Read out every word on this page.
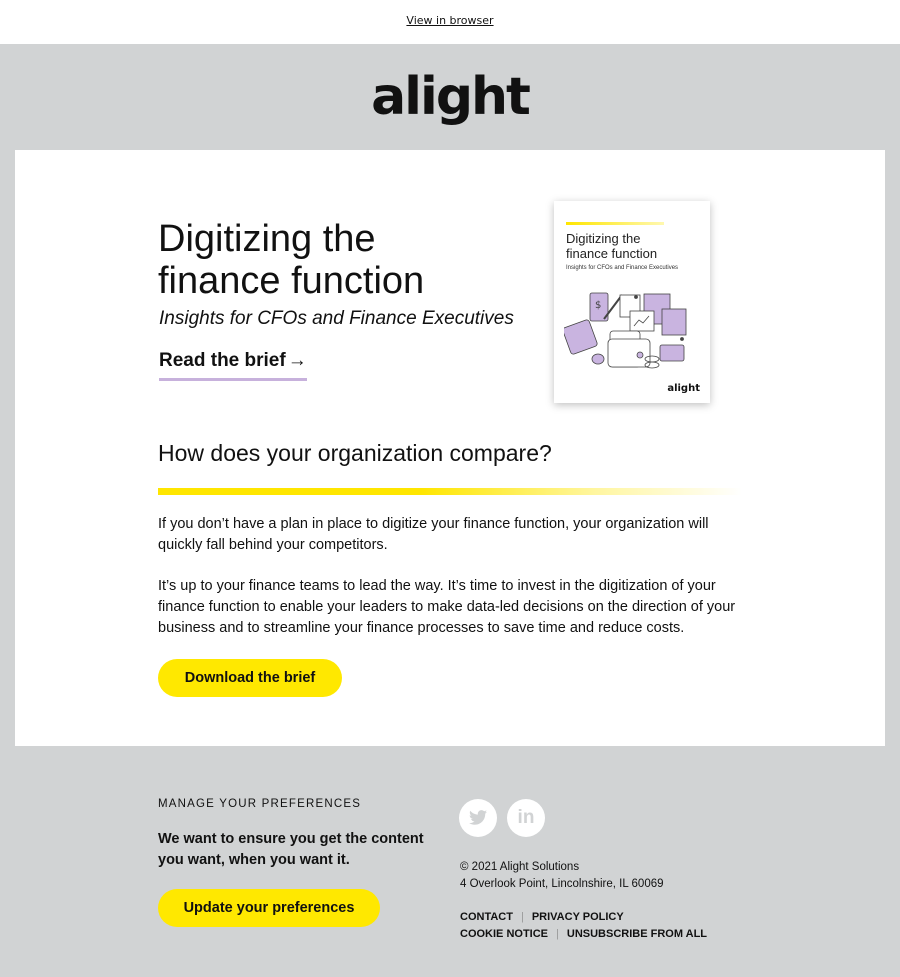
View in browser
alight
Digitizing the
finance function
Insights for CFOs and Finance Executives
Read the brief →
Digitizing the
finance function
Insights for CFOs and Finance Executives
$
alight
How does your organization compare?
If you don’t have a plan in place to digitize your finance function, your organization will quickly fall behind your competitors.
It’s up to your finance teams to lead the way. It’s time to invest in the digitization of your finance function to enable your leaders to make data-led decisions on the direction of your business and to streamline your finance processes to save time and reduce costs.
Download the brief
MANAGE YOUR PREFERENCES
We want to ensure you get the content you want, when you want it.
Update your preferences
in
© 2021 Alight Solutions
4 Overlook Point, Lincolnshire, IL 60069
CONTACT | PRIVACY POLICY
COOKIE NOTICE | UNSUBSCRIBE FROM ALL
